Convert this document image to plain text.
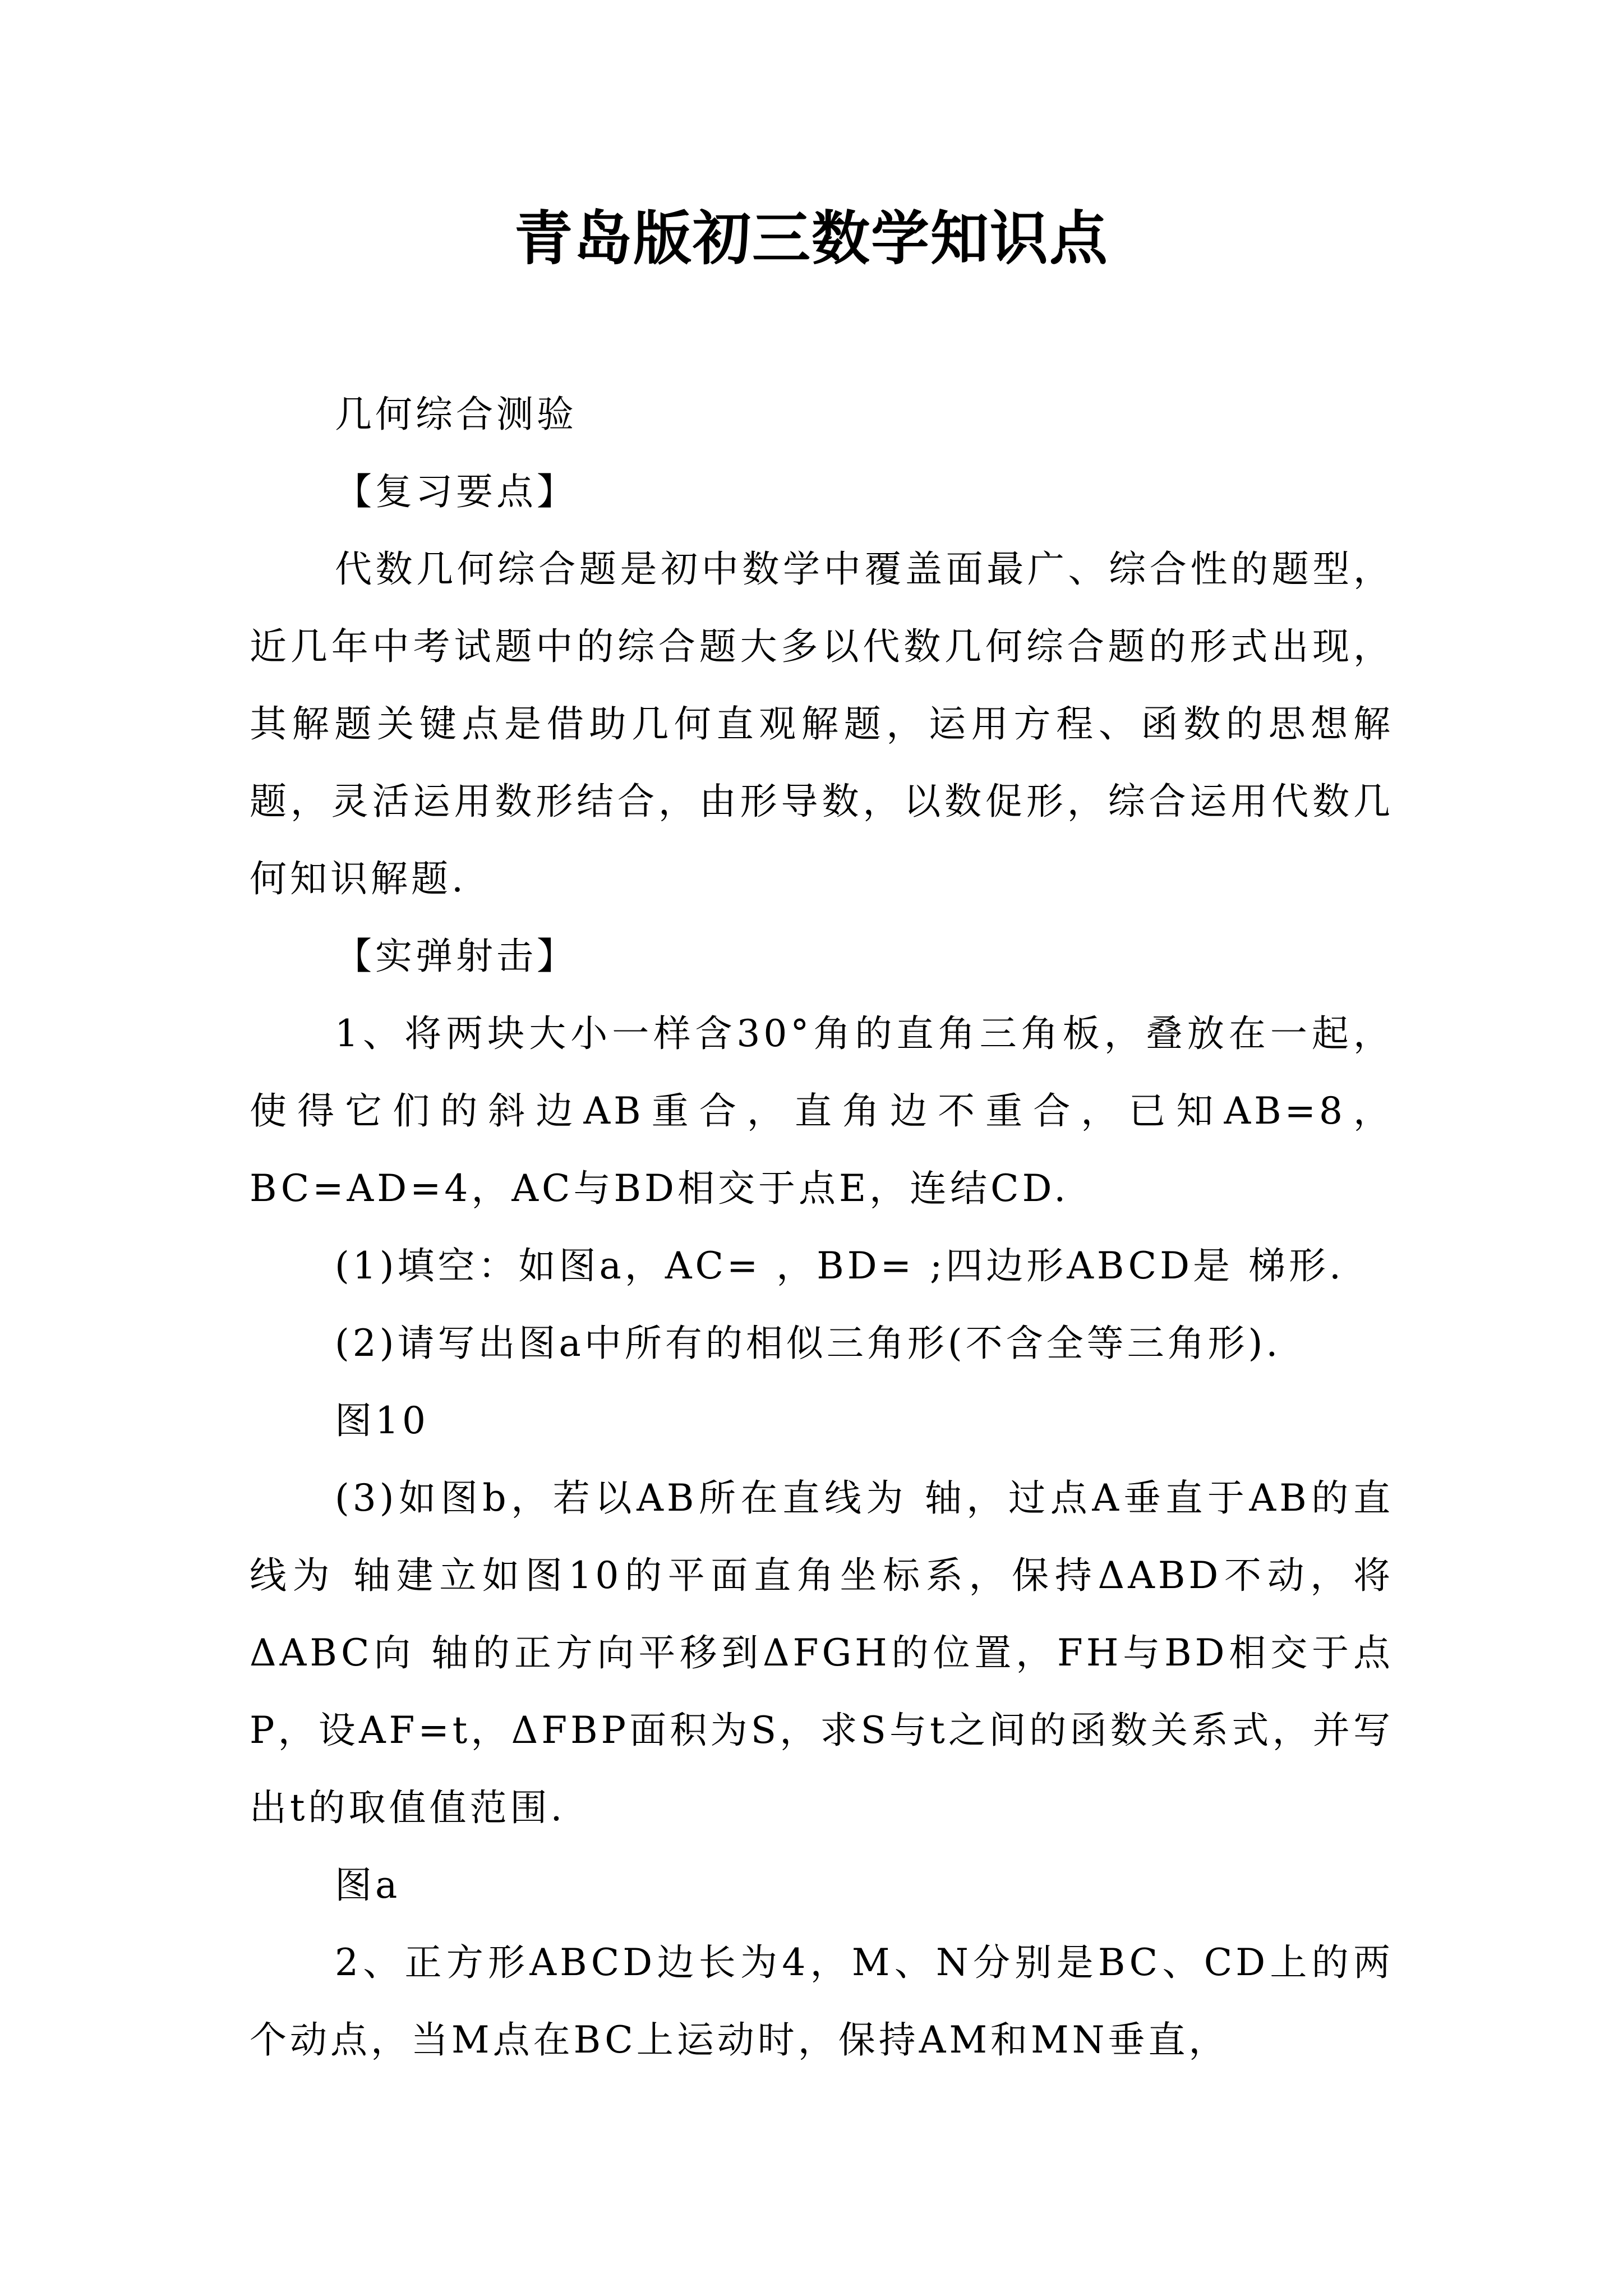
青岛版初三数学知识点

几何综合测验

【复习要点】

代数几何综合题是初中数学中覆盖面最广、综合性的题型，近几年中考试题中的综合题大多以代数几何综合题的形式出现，其解题关键点是借助几何直观解题，运用方程、函数的思想解题，灵活运用数形结合，由形导数，以数促形，综合运用代数几何知识解题.

【实弹射击】

1、将两块大小一样含30°角的直角三角板，叠放在一起，使得它们的斜边AB重合，直角边不重合，已知AB=8，BC=AD=4，AC与BD相交于点E，连结CD.

(1)填空：如图a，AC= ，BD= ;四边形ABCD是 梯形.

(2)请写出图a中所有的相似三角形(不含全等三角形).

图10

(3)如图b，若以AB所在直线为 轴，过点A垂直于AB的直线为 轴建立如图10的平面直角坐标系，保持ΔABD不动，将ΔABC向 轴的正方向平移到ΔFGH的位置，FH与BD相交于点P，设AF=t，ΔFBP面积为S，求S与t之间的函数关系式，并写出t的取值值范围.

图a

2、正方形ABCD边长为4，M、N分别是BC、CD上的两个动点，当M点在BC上运动时，保持AM和MN垂直，
